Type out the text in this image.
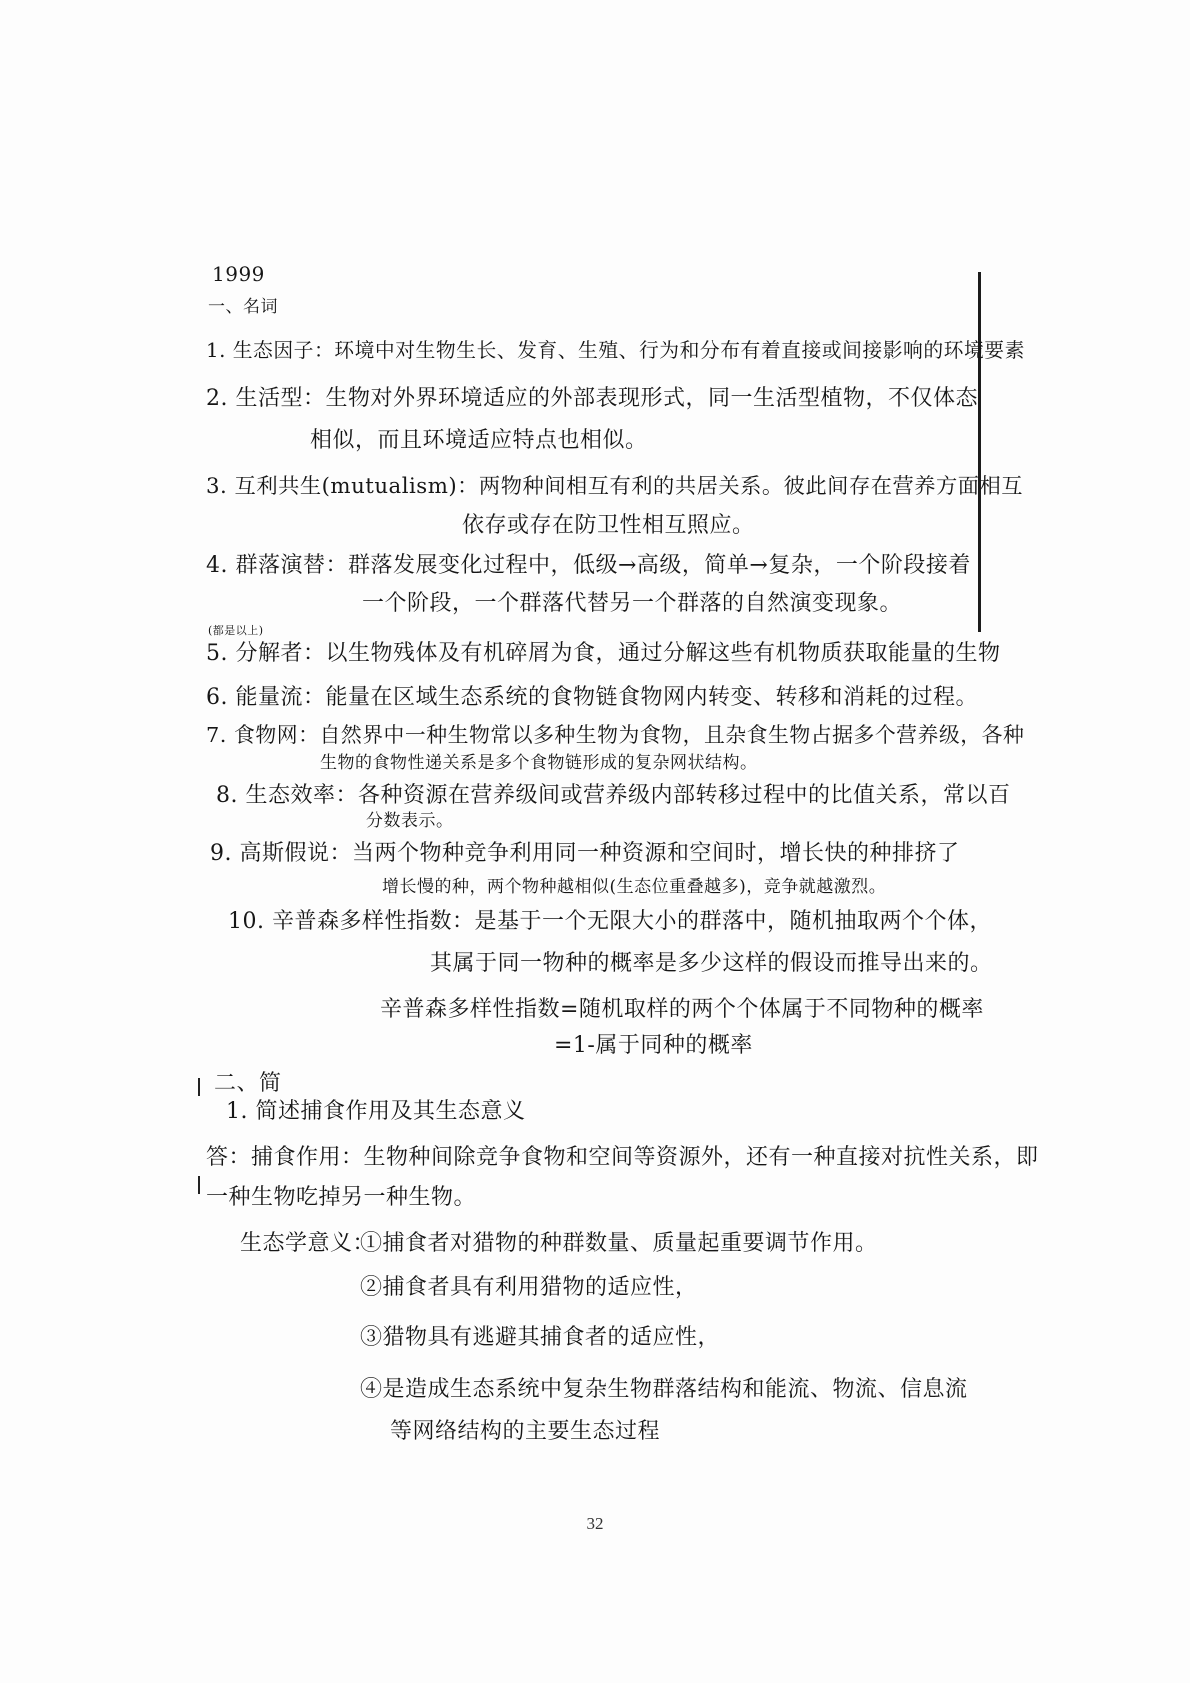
1999
一、名词
1. 生态因子：环境中对生物生长、发育、生殖、行为和分布有着直接或间接影响的环境要素
2. 生活型：生物对外界环境适应的外部表现形式，同一生活型植物，不仅体态
相似，而且环境适应特点也相似。
3. 互利共生(mutualism)：两物种间相互有利的共居关系。彼此间存在营养方面相互
依存或存在防卫性相互照应。
4. 群落演替：群落发展变化过程中，低级→高级，简单→复杂，一个阶段接着
一个阶段，一个群落代替另一个群落的自然演变现象。
(都是以上)
5. 分解者：以生物残体及有机碎屑为食，通过分解这些有机物质获取能量的生物
6. 能量流：能量在区域生态系统的食物链食物网内转变、转移和消耗的过程。
7. 食物网：自然界中一种生物常以多种生物为食物，且杂食生物占据多个营养级，各种
生物的食物性递关系是多个食物链形成的复杂网状结构。
8. 生态效率：各种资源在营养级间或营养级内部转移过程中的比值关系，常以百
分数表示。
9. 高斯假说：当两个物种竞争利用同一种资源和空间时，增长快的种排挤了
增长慢的种，两个物种越相似(生态位重叠越多)，竞争就越激烈。
10. 辛普森多样性指数：是基于一个无限大小的群落中，随机抽取两个个体，
其属于同一物种的概率是多少这样的假设而推导出来的。
辛普森多样性指数=随机取样的两个个体属于不同物种的概率
=1-属于同种的概率
二、简
1. 简述捕食作用及其生态意义
答：捕食作用：生物种间除竞争食物和空间等资源外，还有一种直接对抗性关系，即
一种生物吃掉另一种生物。
生态学意义：
①捕食者对猎物的种群数量、质量起重要调节作用。
②捕食者具有利用猎物的适应性，
③猎物具有逃避其捕食者的适应性，
④是造成生态系统中复杂生物群落结构和能流、物流、信息流
等网络结构的主要生态过程
32
